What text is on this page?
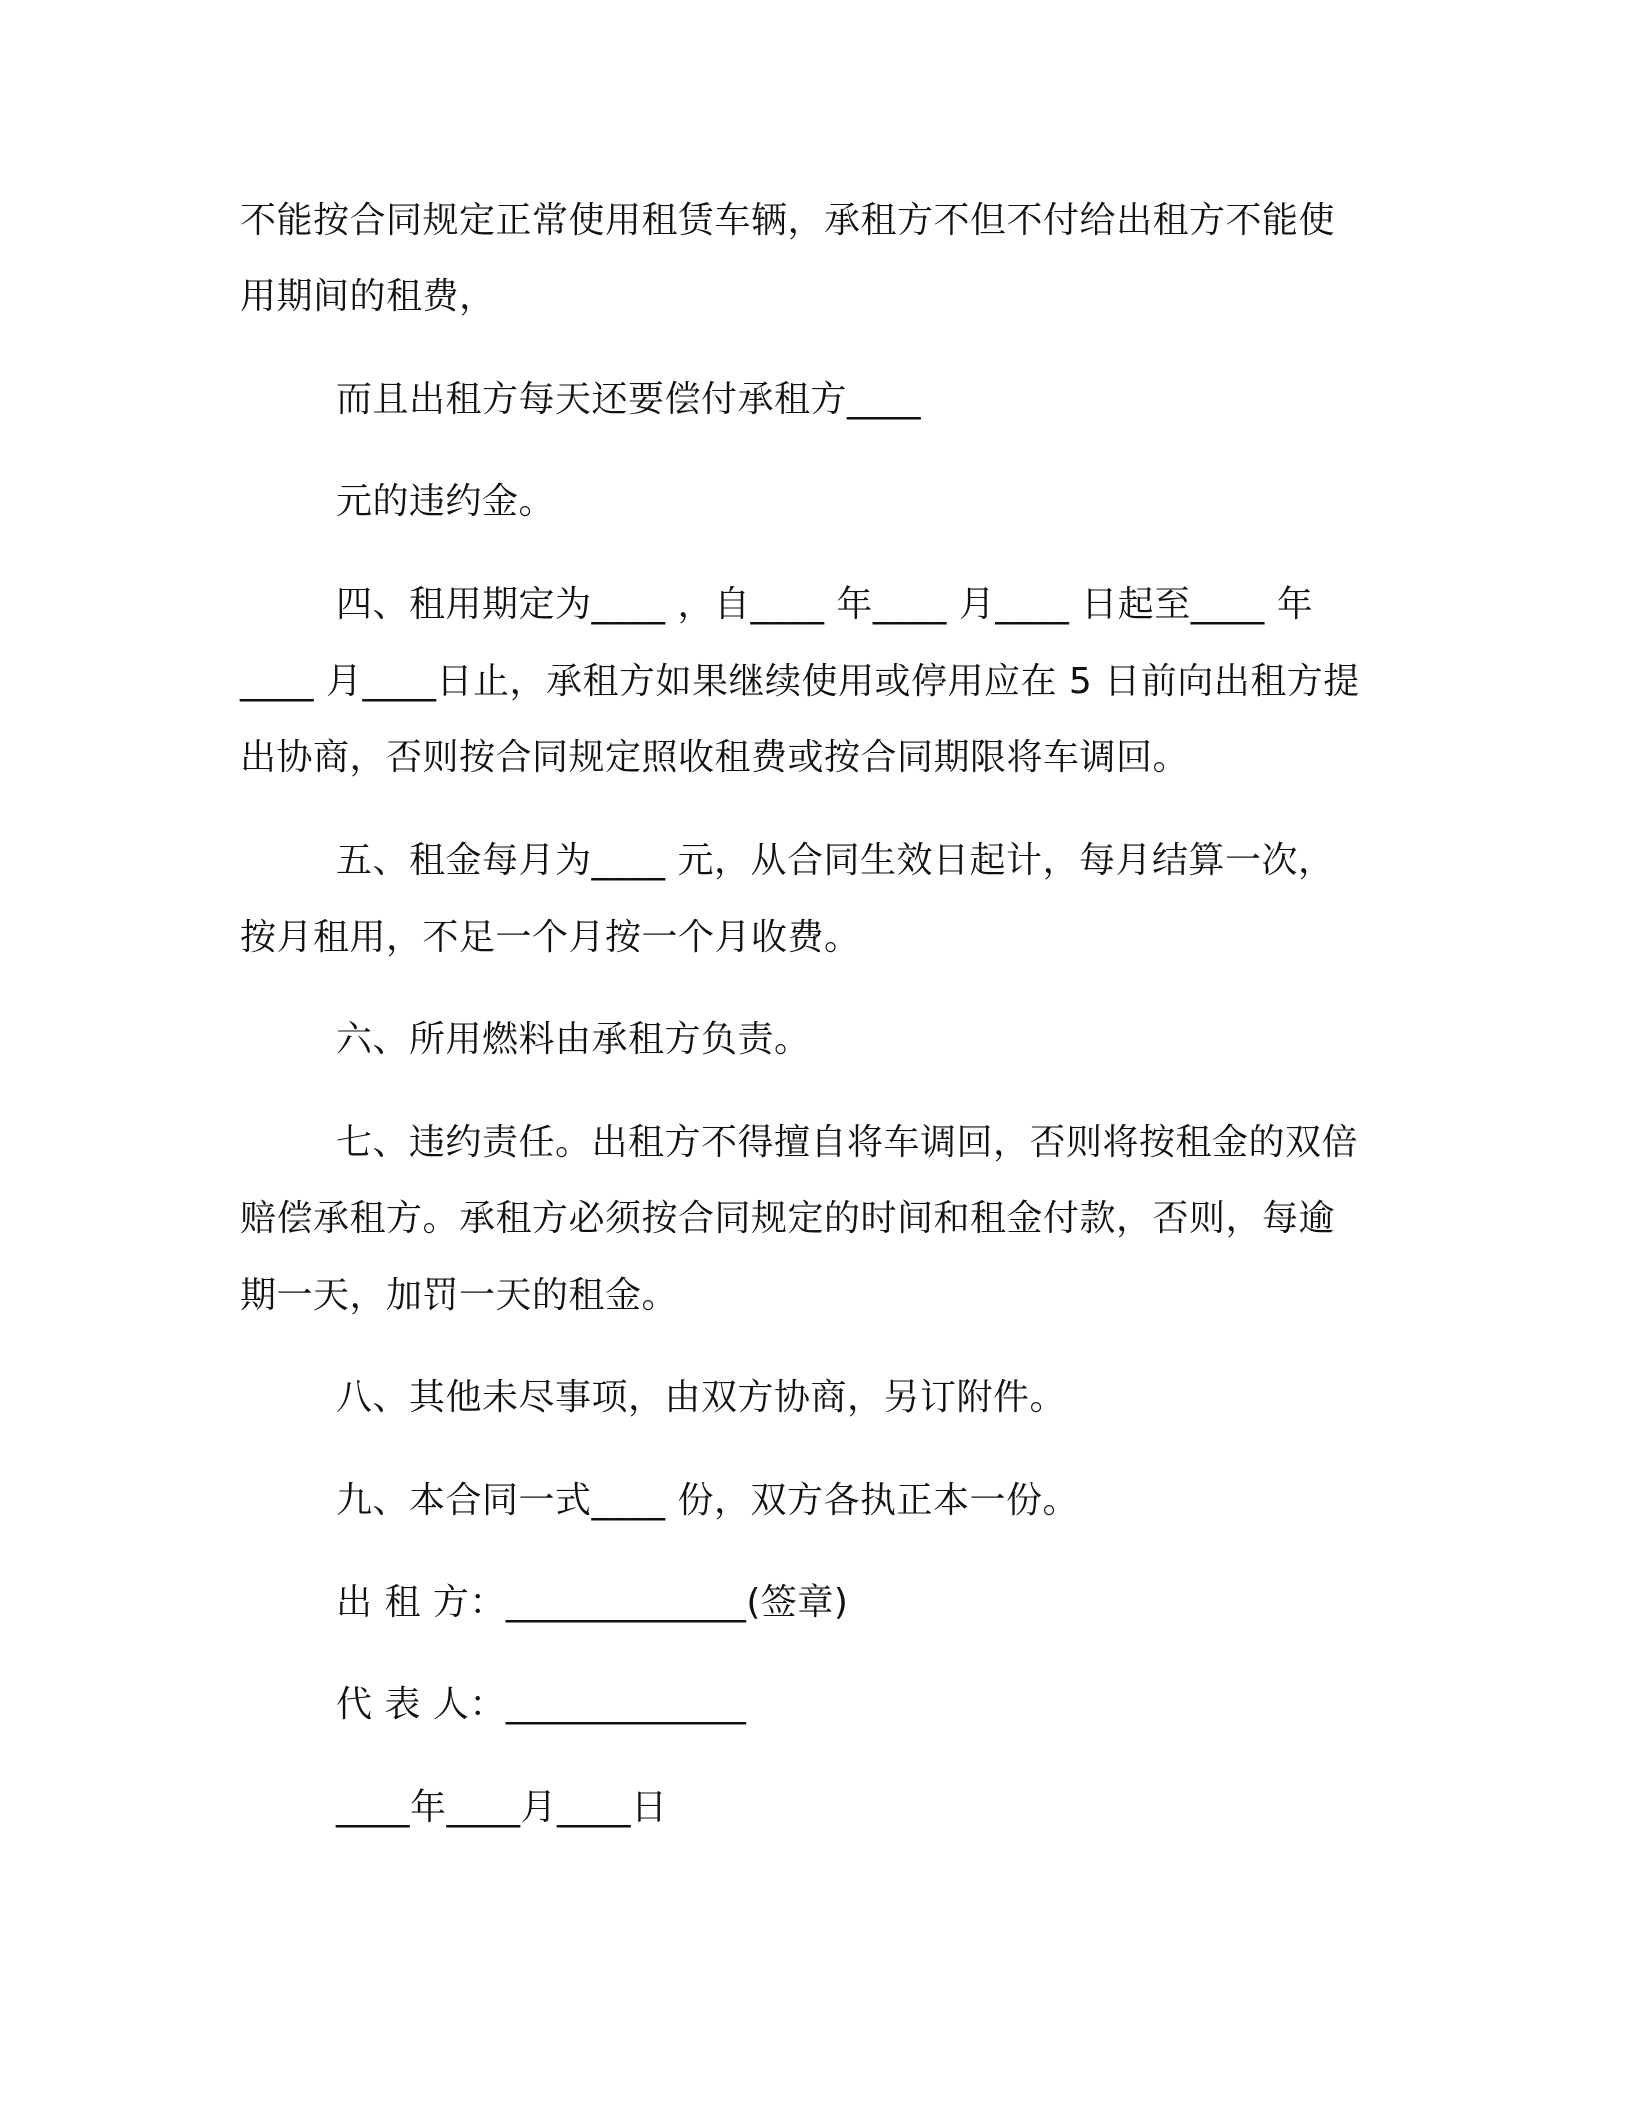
不能按合同规定正常使用租赁车辆，承租方不但不付给出租方不能使
用期间的租费，
而且出租方每天还要偿付承租方____
元的违约金。
四、租用期定为____ ，自____ 年____ 月____ 日起至____ 年
____ 月____日止，承租方如果继续使用或停用应在 5 日前向出租方提
出协商，否则按合同规定照收租费或按合同期限将车调回。
五、租金每月为____ 元，从合同生效日起计，每月结算一次，
按月租用，不足一个月按一个月收费。
六、所用燃料由承租方负责。
七、违约责任。出租方不得擅自将车调回，否则将按租金的双倍
赔偿承租方。承租方必须按合同规定的时间和租金付款，否则，每逾
期一天，加罚一天的租金。
八、其他未尽事项，由双方协商，另订附件。
九、本合同一式____ 份，双方各执正本一份。
出 租 方：_____________(签章)
代 表 人：_____________
____年____月____日
